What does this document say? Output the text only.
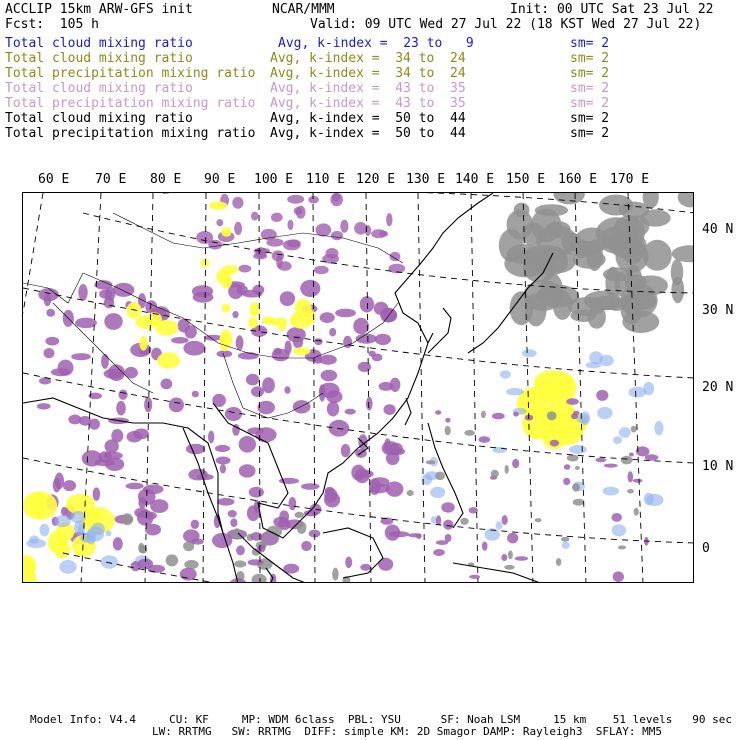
ACCLIP 15km ARW-GFS init	NCAR/MMM	Init: 00 UTC Sat 23 Jul 22
Fcst:  105 h	Valid: 09 UTC Wed 27 Jul 22 (18 KST Wed 27 Jul 22)
Total cloud mixing ratio	Avg, k-index =  23 to   9	sm= 2
Total cloud mixing ratio	Avg, k-index =  34 to  24	sm= 2
Total precipitation mixing ratio Avg, k-index =  34 to  24	sm= 2
Total cloud mixing ratio	Avg, k-index =  43 to  35	sm= 2
Total precipitation mixing ratio Avg, k-index =  43 to  35	sm= 2
Total cloud mixing ratio	Avg, k-index =  50 to  44	sm= 2
Total precipitation mixing ratio Avg, k-index =  50 to  44	sm= 2
60 E 70 E 80 E 90 E 100 E 110 E 120 E 130 E 140 E 150 E 160 E 170 E
40 N
30 N
20 N
10 N
0
Model Info: V4.4     CU: KF     MP: WDM 6class  PBL: YSU      SF: Noah LSM     15 km    51 levels   90 sec
LW: RRTMG   SW: RRTMG  DIFF: simple KM: 2D Smagor DAMP: Rayleigh3  SFLAY: MM5
